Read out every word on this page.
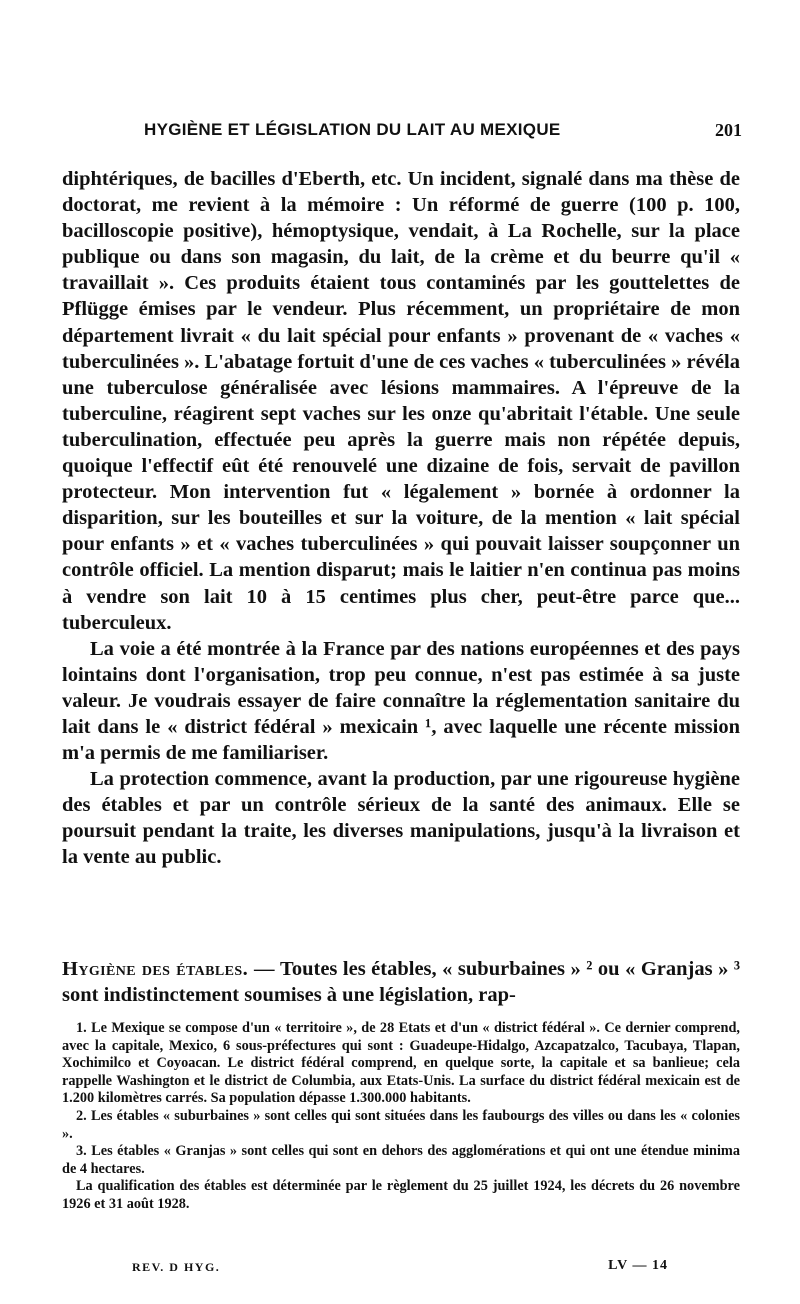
HYGIÈNE ET LÉGISLATION DU LAIT AU MEXIQUE	201

diphtériques, de bacilles d'Eberth, etc. Un incident, signalé dans ma thèse de doctorat, me revient à la mémoire : Un réformé de guerre (100 p. 100, bacilloscopie positive), hémoptysique, vendait, à La Rochelle, sur la place publique ou dans son magasin, du lait, de la crème et du beurre qu'il « travaillait ». Ces produits étaient tous contaminés par les gouttelettes de Pflügge émises par le vendeur. Plus récemment, un propriétaire de mon département livrait « du lait spécial pour enfants » provenant de « vaches « tuberculinées ». L'abatage fortuit d'une de ces vaches « tuberculinées » révéla une tuberculose généralisée avec lésions mammaires. A l'épreuve de la tuberculine, réagirent sept vaches sur les onze qu'abritait l'étable. Une seule tuberculination, effectuée peu après la guerre mais non répétée depuis, quoique l'effectif eût été renouvelé une dizaine de fois, servait de pavillon protecteur. Mon intervention fut « légalement » bornée à ordonner la disparition, sur les bouteilles et sur la voiture, de la mention « lait spécial pour enfants » et « vaches tuberculinées » qui pouvait laisser soupçonner un contrôle officiel. La mention disparut; mais le laitier n'en continua pas moins à vendre son lait 10 à 15 centimes plus cher, peut-être parce que... tuberculeux.

La voie a été montrée à la France par des nations européennes et des pays lointains dont l'organisation, trop peu connue, n'est pas estimée à sa juste valeur. Je voudrais essayer de faire connaître la réglementation sanitaire du lait dans le « district fédéral » mexicain ¹, avec laquelle une récente mission m'a permis de me familiariser.

La protection commence, avant la production, par une rigoureuse hygiène des étables et par un contrôle sérieux de la santé des animaux. Elle se poursuit pendant la traite, les diverses manipulations, jusqu'à la livraison et la vente au public.

Hygiène des étables. — Toutes les étables, « suburbaines » ² ou « Granjas » ³ sont indistinctement soumises à une législation, rap-

1. Le Mexique se compose d'un « territoire », de 28 Etats et d'un « district fédéral ». Ce dernier comprend, avec la capitale, Mexico, 6 sous-préfectures qui sont : Guadeupe-Hidalgo, Azcapatzalco, Tacubaya, Tlapan, Xochimilco et Coyoacan. Le district fédéral comprend, en quelque sorte, la capitale et sa banlieue; cela rappelle Washington et le district de Columbia, aux Etats-Unis. La surface du district fédéral mexicain est de 1.200 kilomètres carrés. Sa population dépasse 1.300.000 habitants.

2. Les étables « suburbaines » sont celles qui sont situées dans les faubourgs des villes ou dans les « colonies ».

3. Les étables « Granjas » sont celles qui sont en dehors des agglomérations et qui ont une étendue minima de 4 hectares.

La qualification des étables est déterminée par le règlement du 25 juillet 1924, les décrets du 26 novembre 1926 et 31 août 1928.

REV. D HYG.	LV — 14
